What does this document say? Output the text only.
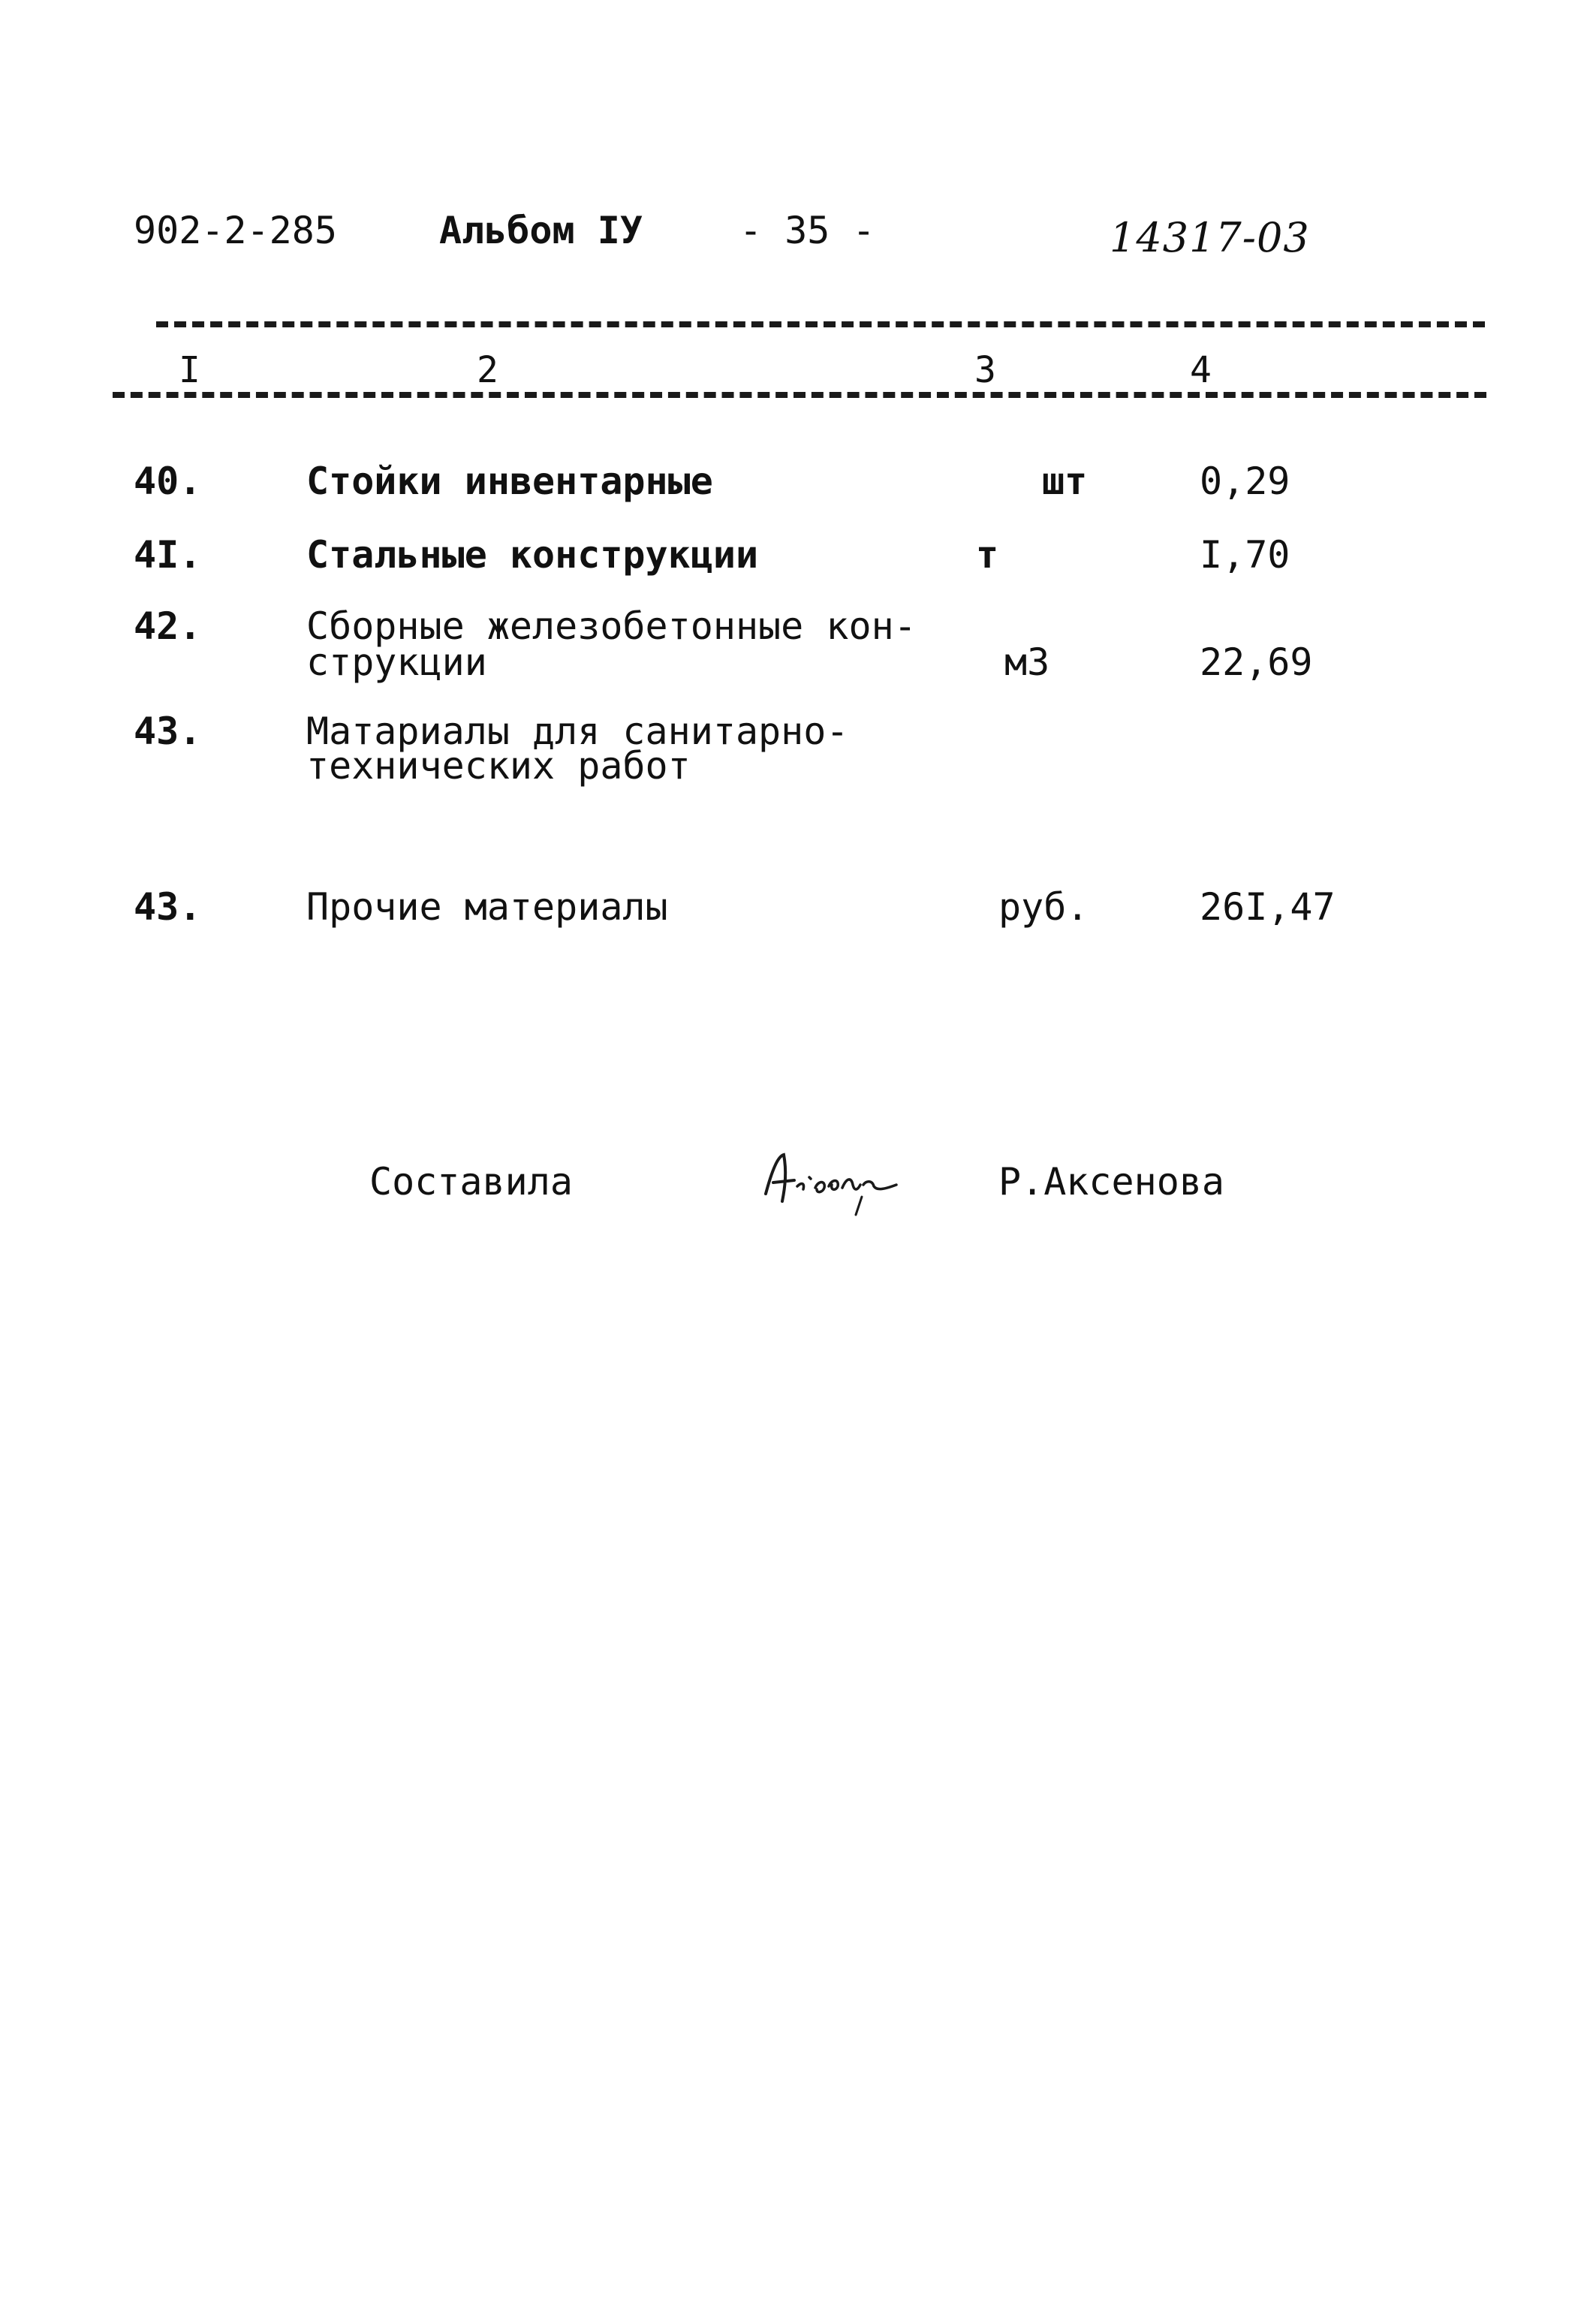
902-2-285	Альбом IУ	- 35 -	14317-03
I	2	3	4
40.	Стойки инвентарные	шт	0,29
4I.	Стальные конструкции	т	I,70
42.	Сборные железобетонные кон-
струкции	м3	22,69
43.	Матариалы для санитарно-
технических работ
43.	Прочие материалы	руб.	26I,47
Составила	Р.Аксенова
